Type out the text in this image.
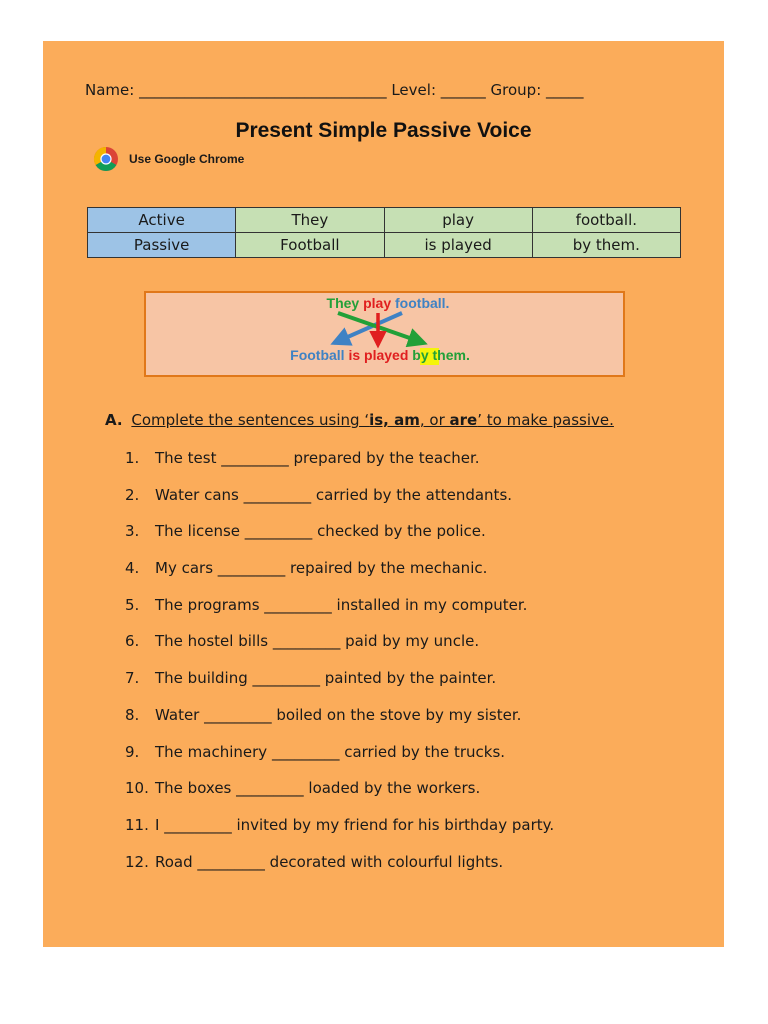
Name: _________________________________ Level: ______ Group: _____
Present Simple Passive Voice
Use Google Chrome
Active	They	play	football.
Passive	Football	is played	by them.
They play football.
Football is played by them.
A. Complete the sentences using ‘is, am, or are’ to make passive.
1. The test _________ prepared by the teacher.
2. Water cans _________ carried by the attendants.
3. The license _________ checked by the police.
4. My cars _________ repaired by the mechanic.
5. The programs _________ installed in my computer.
6. The hostel bills _________ paid by my uncle.
7. The building _________ painted by the painter.
8. Water _________ boiled on the stove by my sister.
9. The machinery _________ carried by the trucks.
10. The boxes _________ loaded by the workers.
11. I _________ invited by my friend for his birthday party.
12. Road _________ decorated with colourful lights.
